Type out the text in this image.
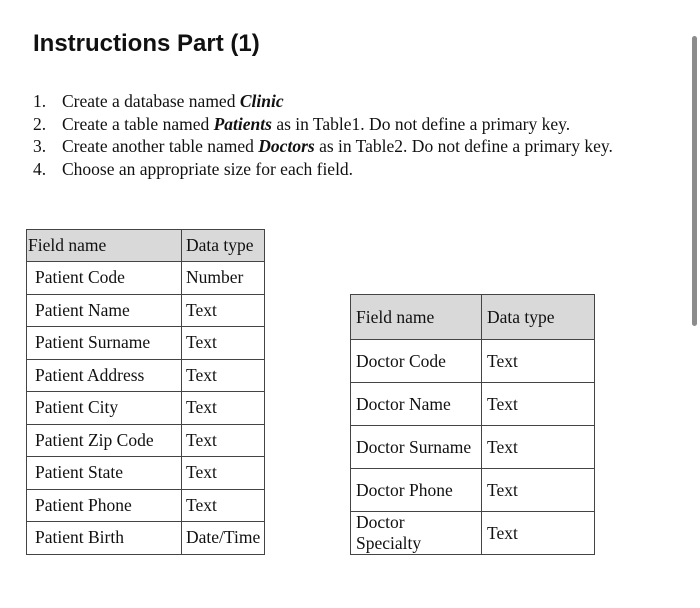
Instructions Part (1)
1. Create a database named Clinic
2. Create a table named Patients as in Table1. Do not define a primary key.
3. Create another table named Doctors as in Table2. Do not define a primary key.
4. Choose an appropriate size for each field.
Field name	Data type
Patient Code	Number
Patient Name	Text
Patient Surname	Text
Patient Address	Text
Patient City	Text
Patient Zip Code	Text
Patient State	Text
Patient Phone	Text
Patient Birth	Date/Time
Field name	Data type
Doctor Code	Text
Doctor Name	Text
Doctor Surname	Text
Doctor Phone	Text
Doctor Specialty	Text
